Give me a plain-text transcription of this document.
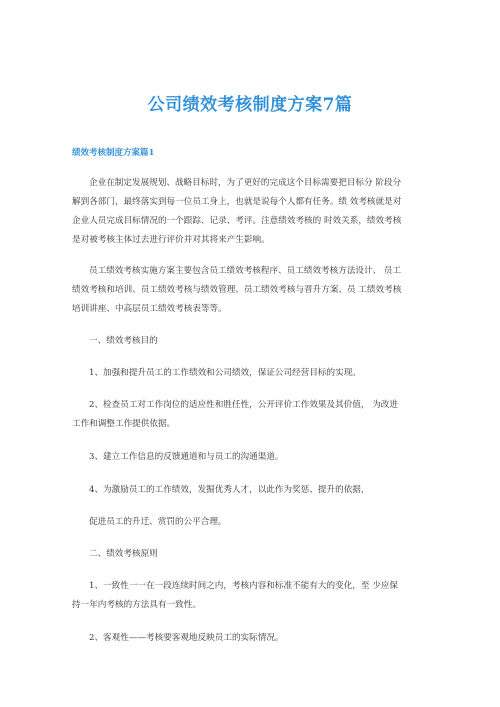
公司绩效考核制度方案7篇
绩效考核制度方案篇1

企业在制定发展规划、战略目标时，为了更好的完成这个目标需要把目标分 阶段分
解到各部门，最终落实到每一位员工身上，也就是说每个人都有任务。绩 效考核就是对
企业人员完成目标情况的一个跟踪、记录、考评。注意绩效考核的 时效关系，绩效考核
是对被考核主体过去进行评价并对其将来产生影响。

员工绩效考核实施方案主要包含员工绩效考核程序、员工绩效考核方法设计、 员工
绩效考核和培训、员工绩效考核与绩效管理、员工绩效考核与晋升方案、员 工绩效考核
培训讲座、中高层员工绩效考核表等等。

一、绩效考核目的

1、加强和提升员工的工作绩效和公司绩效，保证公司经营目标的实现。

2、检查员工对工作岗位的适应性和胜任性，公开评价工作效果及其价值， 为改进
工作和调整工作提供依据。

3、建立工作信息的反馈通道和与员工的沟通渠道。

4、为激励员工的工作绩效，发掘优秀人才，以此作为奖惩、提升的依据，

促进员工的升迁、赏罚的公平合理。

二、绩效考核原则

1、一致性一一在一段连续时间之内，考核内容和标准不能有大的变化，至 少应保
持一年内考核的方法具有一致性。

2、客观性——考核要客观地反映员工的实际情况。
